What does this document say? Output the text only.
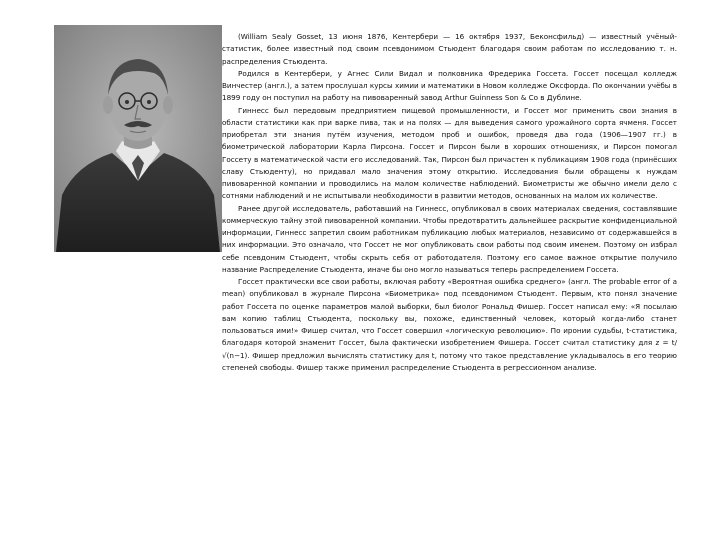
(William Sealy Gosset, 13 июня 1876, Кентербери — 16 октября 1937, Беконсфильд) — известный учёный-статистик, более известный под своим псевдонимом Стьюдент благодаря своим работам по исследованию т. н. распределения Стьюдента.

Родился в Кентербери, у Агнес Сили Видал и полковника Фредерика Госсета. Госсет посещал колледж Винчестер (англ.), а затем прослушал курсы химии и математики в Новом колледже Оксфорда. По окончании учёбы в 1899 году он поступил на работу на пивоваренный завод Arthur Guinness Son & Co в Дублине.

Гиннесс был передовым предприятием пищевой промышленности, и Госсет мог применить свои знания в области статистики как при варке пива, так и на полях — для выведения самого урожайного сорта ячменя. Госсет приобретал эти знания путём изучения, методом проб и ошибок, проведя два года (1906—1907 гг.) в биометрической лаборатории Карла Пирсона. Госсет и Пирсон были в хороших отношениях, и Пирсон помогал Госсету в математической части его исследований. Так, Пирсон был причастен к публикациям 1908 года (принёсших славу Стьюденту), но придавал мало значения этому открытию. Исследования были обращены к нуждам пивоваренной компании и проводились на малом количестве наблюдений. Биометристы же обычно имели дело с сотнями наблюдений и не испытывали необходимости в развитии методов, основанных на малом их количестве.

Ранее другой исследователь, работавший на Гиннесс, опубликовал в своих материалах сведения, составлявшие коммерческую тайну этой пивоваренной компании. Чтобы предотвратить дальнейшее раскрытие конфиденциальной информации, Гиннесс запретил своим работникам публикацию любых материалов, независимо от содержавшейся в них информации. Это означало, что Госсет не мог опубликовать свои работы под своим именем. Поэтому он избрал себе псевдоним Стьюдент, чтобы скрыть себя от работодателя. Поэтому его самое важное открытие получило название Распределение Стьюдента, иначе бы оно могло называться теперь распределением Госсета.

Госсет практически все свои работы, включая работу «Вероятная ошибка среднего» (англ. The probable error of a mean) опубликовал в журнале Пирсона «Биометрика» под псевдонимом Стьюдент. Первым, кто понял значение работ Госсета по оценке параметров малой выборки, был биолог Рональд Фишер. Госсет написал ему: «Я посылаю вам копию таблиц Стьюдента, поскольку вы, похоже, единственный человек, который когда-либо станет пользоваться ими!» Фишер считал, что Госсет совершил «логическую революцию». По иронии судьбы, t-статистика, благодаря которой знаменит Госсет, была фактически изобретением Фишера. Госсет считал статистику для z = t/√(n−1). Фишер предложил вычислять статистику для t, потому что такое представление укладывалось в его теорию степеней свободы. Фишер также применил распределение Стьюдента в регрессионном анализе.
